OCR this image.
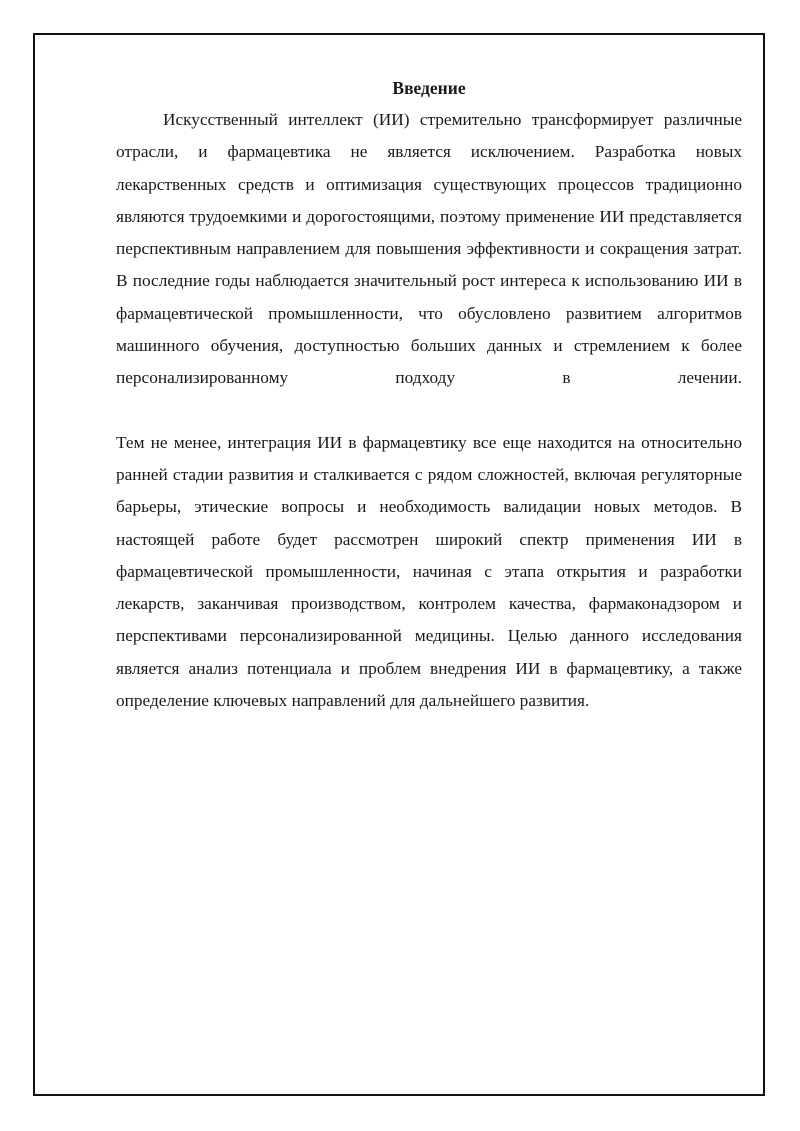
Введение

Искусственный интеллект (ИИ) стремительно трансформирует различные отрасли, и фармацевтика не является исключением. Разработка новых лекарственных средств и оптимизация существующих процессов традиционно являются трудоемкими и дорогостоящими, поэтому применение ИИ представляется перспективным направлением для повышения эффективности и сокращения затрат. В последние годы наблюдается значительный рост интереса к использованию ИИ в фармацевтической промышленности, что обусловлено развитием алгоритмов машинного обучения, доступностью больших данных и стремлением к более персонализированному подходу в лечении.

Тем не менее, интеграция ИИ в фармацевтику все еще находится на относительно ранней стадии развития и сталкивается с рядом сложностей, включая регуляторные барьеры, этические вопросы и необходимость валидации новых методов. В настоящей работе будет рассмотрен широкий спектр применения ИИ в фармацевтической промышленности, начиная с этапа открытия и разработки лекарств, заканчивая производством, контролем качества, фармаконадзором и перспективами персонализированной медицины. Целью данного исследования является анализ потенциала и проблем внедрения ИИ в фармацевтику, а также определение ключевых направлений для дальнейшего развития.
